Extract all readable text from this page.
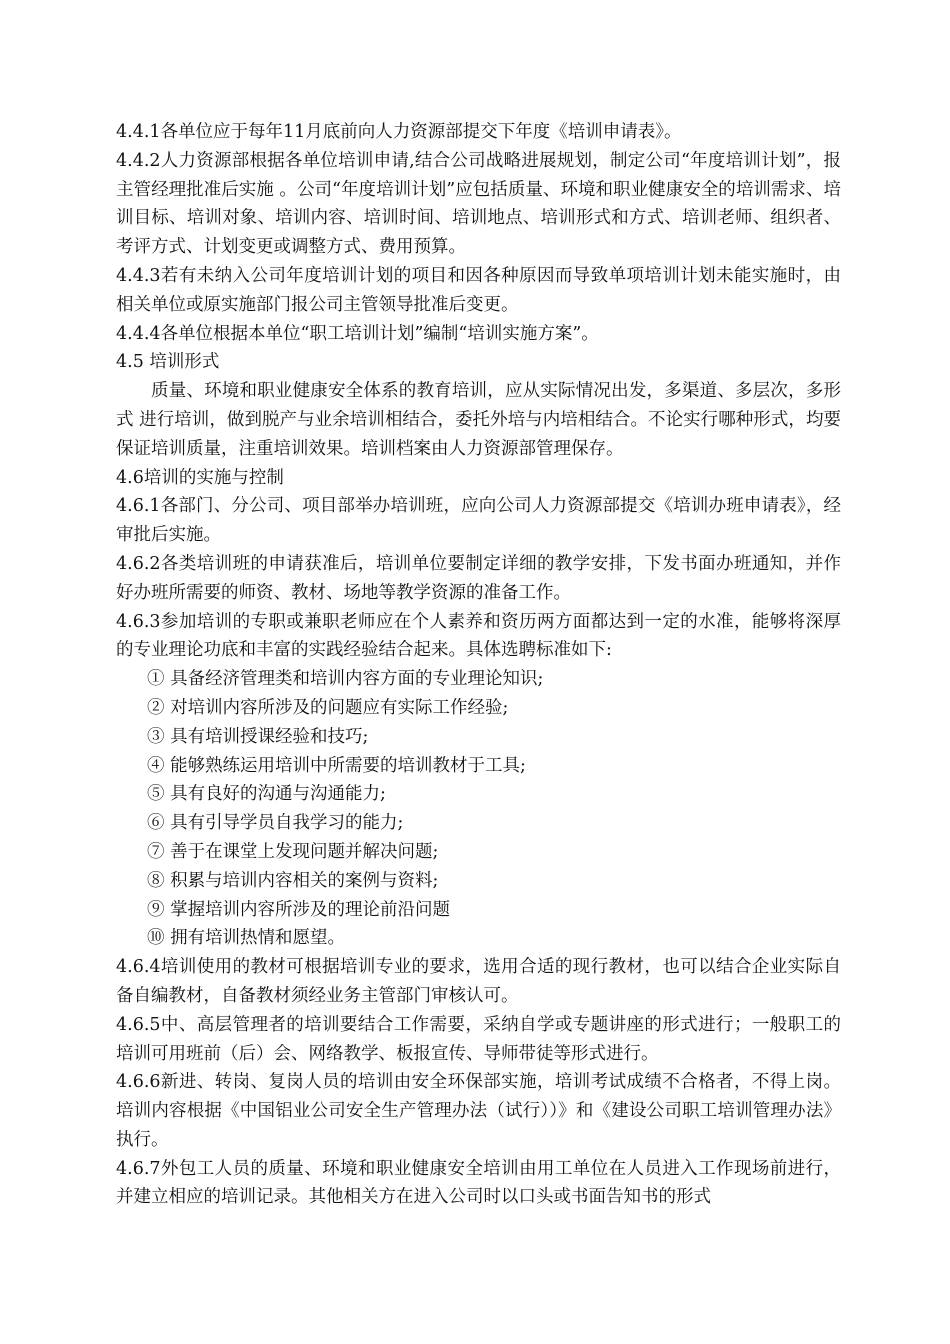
4.4.1各单位应于每年11月底前向人力资源部提交下年度《培训申请表》。

4.4.2人力资源部根据各单位培训申请,结合公司战略进展规划，制定公司“年度培训计划”，报主管经理批准后实施 。公司“年度培训计划”应包括质量、环境和职业健康安全的培训需求、培训目标、培训对象、培训内容、培训时间、培训地点、培训形式和方式、培训老师、组织者、考评方式、计划变更或调整方式、费用预算。

4.4.3若有未纳入公司年度培训计划的项目和因各种原因而导致单项培训计划未能实施时，由相关单位或原实施部门报公司主管领导批准后变更。

4.4.4各单位根据本单位“职工培训计划”编制“培训实施方案”。

4.5 培训形式

质量、环境和职业健康安全体系的教育培训，应从实际情况出发，多渠道、多层次，多形式 进行培训，做到脱产与业余培训相结合，委托外培与内培相结合。不论实行哪种形式，均要保证培训质量，注重培训效果。培训档案由人力资源部管理保存。

4.6培训的实施与控制

4.6.1各部门、分公司、项目部举办培训班，应向公司人力资源部提交《培训办班申请表》，经审批后实施。

4.6.2各类培训班的申请获准后，培训单位要制定详细的教学安排，下发书面办班通知，并作好办班所需要的师资、教材、场地等教学资源的准备工作。

4.6.3参加培训的专职或兼职老师应在个人素养和资历两方面都达到一定的水准，能够将深厚的专业理论功底和丰富的实践经验结合起来。具体选聘标准如下:

① 具备经济管理类和培训内容方面的专业理论知识;

② 对培训内容所涉及的问题应有实际工作经验;

③ 具有培训授课经验和技巧;

④ 能够熟练运用培训中所需要的培训教材于工具;

⑤ 具有良好的沟通与沟通能力;

⑥ 具有引导学员自我学习的能力;

⑦ 善于在课堂上发现问题并解决问题;

⑧ 积累与培训内容相关的案例与资料;

⑨ 掌握培训内容所涉及的理论前沿问题

⑩ 拥有培训热情和愿望。

4.6.4培训使用的教材可根据培训专业的要求，选用合适的现行教材，也可以结合企业实际自备自编教材，自备教材须经业务主管部门审核认可。

4.6.5中、高层管理者的培训要结合工作需要，采纳自学或专题讲座的形式进行；一般职工的培训可用班前（后）会、网络教学、板报宣传、导师带徒等形式进行。

4.6.6新进、转岗、复岗人员的培训由安全环保部实施，培训考试成绩不合格者，不得上岗。培训内容根据《中国铝业公司安全生产管理办法（试行））》和《建设公司职工培训管理办法》执行。

4.6.7外包工人员的质量、环境和职业健康安全培训由用工单位在人员进入工作现场前进行，并建立相应的培训记录。其他相关方在进入公司时以口头或书面告知书的形式
